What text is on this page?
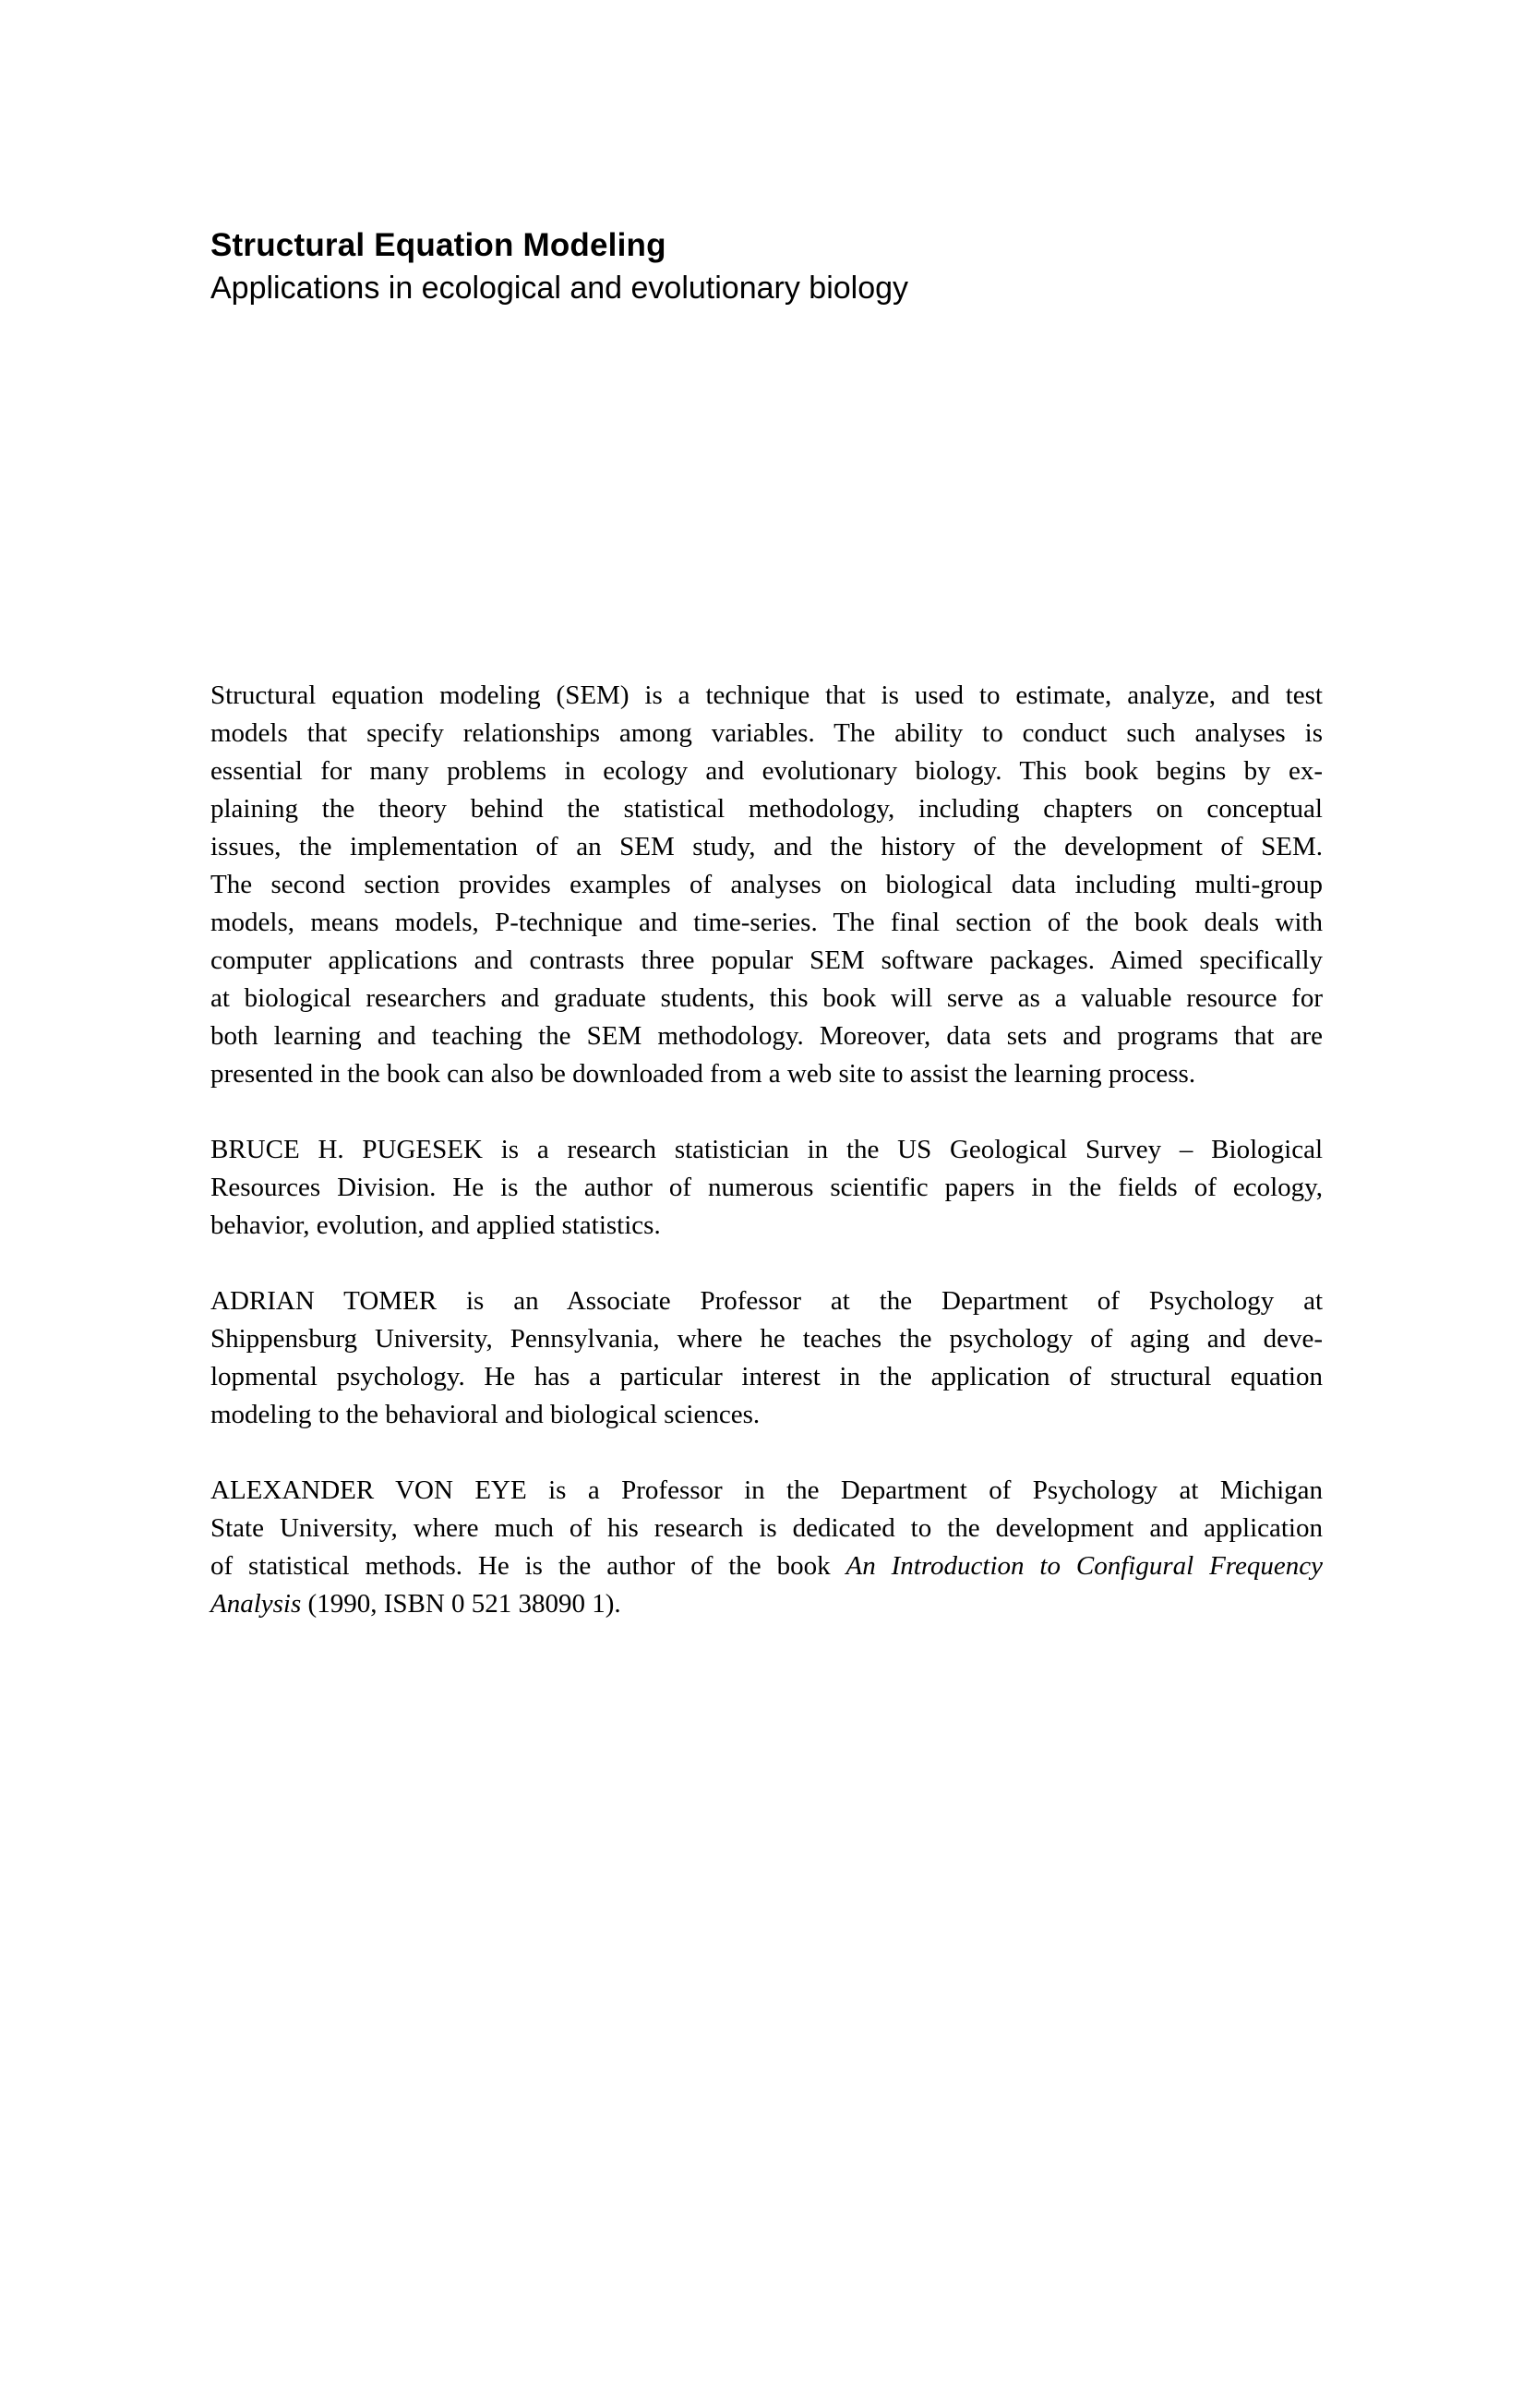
Structural Equation Modeling
Applications in ecological and evolutionary biology
Structural equation modeling (SEM) is a technique that is used to estimate, analyze, and test
models that specify relationships among variables. The ability to conduct such analyses is
essential for many problems in ecology and evolutionary biology. This book begins by ex-
plaining the theory behind the statistical methodology, including chapters on conceptual
issues, the implementation of an SEM study, and the history of the development of SEM.
The second section provides examples of analyses on biological data including multi-group
models, means models, P-technique and time-series. The final section of the book deals with
computer applications and contrasts three popular SEM software packages. Aimed specifically
at biological researchers and graduate students, this book will serve as a valuable resource for
both learning and teaching the SEM methodology. Moreover, data sets and programs that are
presented in the book can also be downloaded from a web site to assist the learning process.
BRUCE H. PUGESEK is a research statistician in the US Geological Survey – Biological
Resources Division. He is the author of numerous scientific papers in the fields of ecology,
behavior, evolution, and applied statistics.
ADRIAN TOMER is an Associate Professor at the Department of Psychology at
Shippensburg University, Pennsylvania, where he teaches the psychology of aging and deve-
lopmental psychology. He has a particular interest in the application of structural equation
modeling to the behavioral and biological sciences.
ALEXANDER VON EYE is a Professor in the Department of Psychology at Michigan
State University, where much of his research is dedicated to the development and application
of statistical methods. He is the author of the book An Introduction to Configural Frequency
Analysis (1990, ISBN 0 521 38090 1).
